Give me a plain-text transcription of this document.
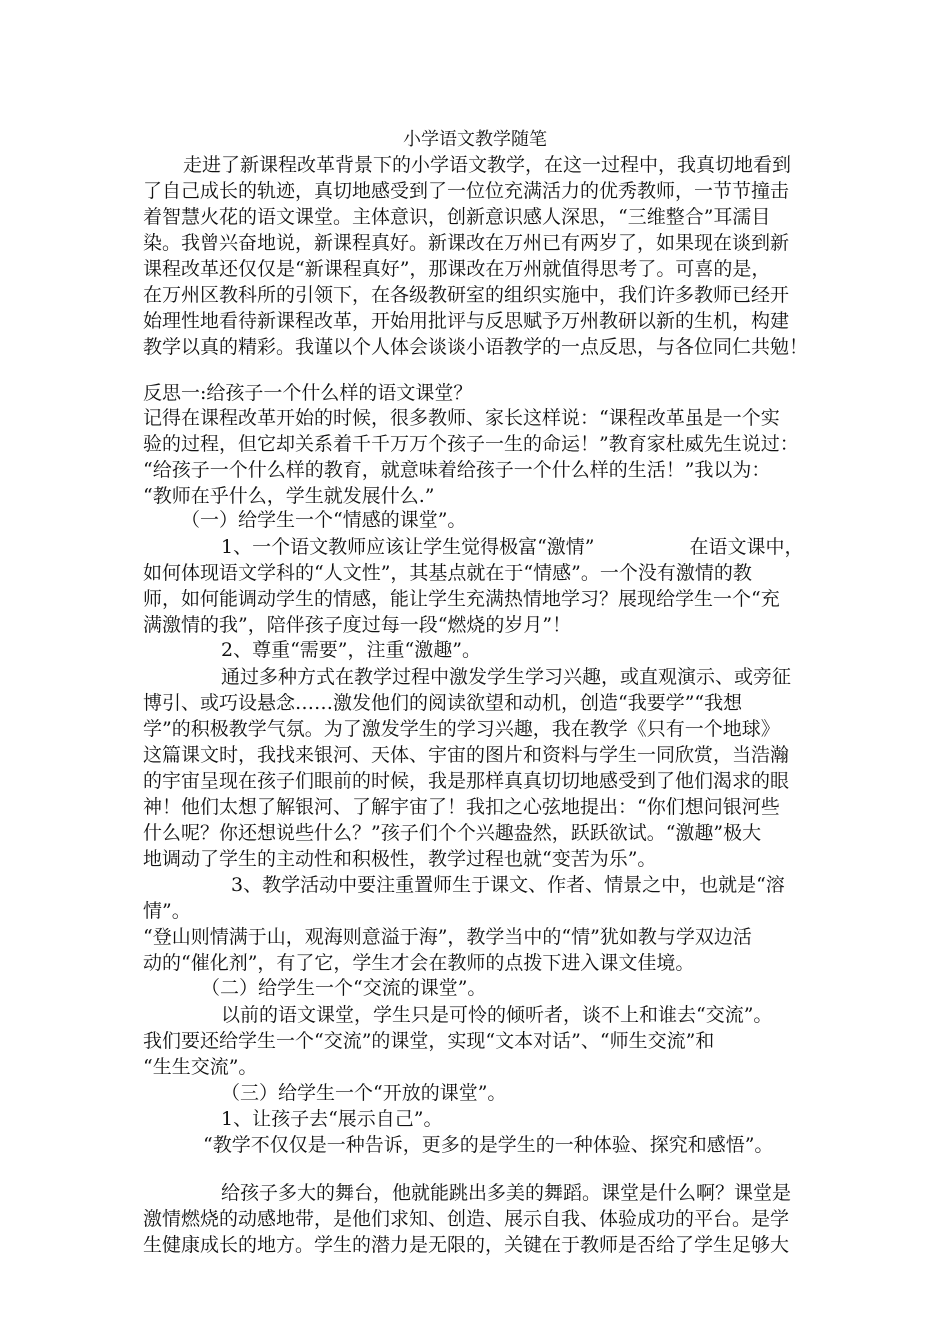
小学语文教学随笔
走进了新课程改革背景下的小学语文教学，在这一过程中，我真切地看到
了自己成长的轨迹，真切地感受到了一位位充满活力的优秀教师，一节节撞击
着智慧火花的语文课堂。主体意识，创新意识感人深思，“三维整合”耳濡目
染。我曾兴奋地说，新课程真好。新课改在万州已有两岁了，如果现在谈到新
课程改革还仅仅是“新课程真好”，那课改在万州就值得思考了。可喜的是，
在万州区教科所的引领下，在各级教研室的组织实施中，我们许多教师已经开
始理性地看待新课程改革，开始用批评与反思赋予万州教研以新的生机，构建
教学以真的精彩。我谨以个人体会谈谈小语教学的一点反思，与各位同仁共勉！
反思一:给孩子一个什么样的语文课堂？
记得在课程改革开始的时候，很多教师、家长这样说：“课程改革虽是一个实
验的过程，但它却关系着千千万万个孩子一生的命运！”教育家杜威先生说过：
“给孩子一个什么样的教育，就意味着给孩子一个什么样的生活！”我以为：
“教师在乎什么，学生就发展什么.”
（一）给学生一个“情感的课堂”。
1、一个语文教师应该让学生觉得极富“激情”　　　　　在语文课中，
如何体现语文学科的“人文性”，其基点就在于“情感”。一个没有激情的教
师，如何能调动学生的情感，能让学生充满热情地学习？展现给学生一个“充
满激情的我”，陪伴孩子度过每一段“燃烧的岁月”！
2、尊重“需要”，注重“激趣”。
通过多种方式在教学过程中激发学生学习兴趣，或直观演示、或旁征
博引、或巧设悬念……激发他们的阅读欲望和动机，创造“我要学”“我想
学”的积极教学气氛。为了激发学生的学习兴趣，我在教学《只有一个地球》
这篇课文时，我找来银河、天体、宇宙的图片和资料与学生一同欣赏，当浩瀚
的宇宙呈现在孩子们眼前的时候，我是那样真真切切地感受到了他们渴求的眼
神！他们太想了解银河、了解宇宙了！我扣之心弦地提出：“你们想问银河些
什么呢？你还想说些什么？”孩子们个个兴趣盎然，跃跃欲试。“激趣”极大
地调动了学生的主动性和积极性，教学过程也就“变苦为乐”。
3、教学活动中要注重置师生于课文、作者、情景之中，也就是“溶
情”。
“登山则情满于山，观海则意溢于海”，教学当中的“情”犹如教与学双边活
动的“催化剂”，有了它，学生才会在教师的点拨下进入课文佳境。
（二）给学生一个“交流的课堂”。
以前的语文课堂，学生只是可怜的倾听者，谈不上和谁去“交流”。
我们要还给学生一个“交流”的课堂，实现“文本对话”、“师生交流”和
“生生交流”。
（三）给学生一个“开放的课堂”。
1、让孩子去“展示自己”。
“教学不仅仅是一种告诉，更多的是学生的一种体验、探究和感悟”。
给孩子多大的舞台，他就能跳出多美的舞蹈。课堂是什么啊？课堂是
激情燃烧的动感地带，是他们求知、创造、展示自我、体验成功的平台。是学
生健康成长的地方。学生的潜力是无限的，关键在于教师是否给了学生足够大
